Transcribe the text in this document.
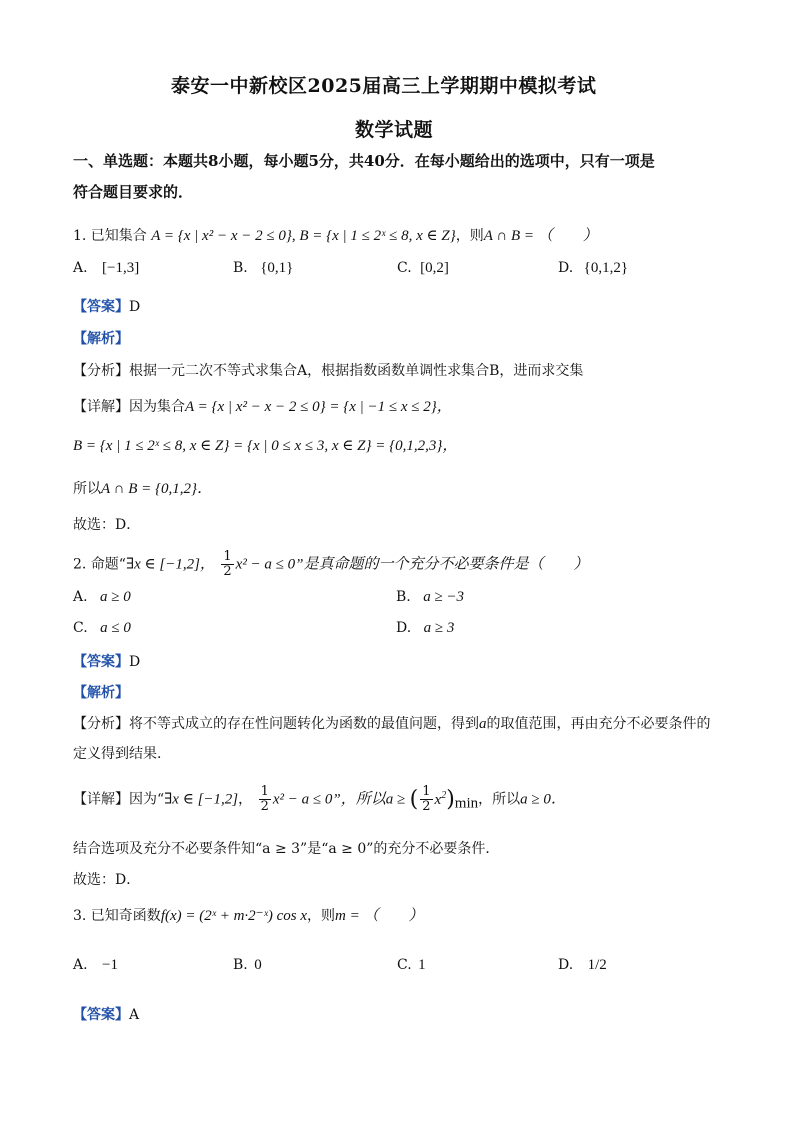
泰安一中新校区2025届高三上学期期中模拟考试
数学试题
一、单选题：本题共8小题，每小题5分，共40分．在每小题给出的选项中，只有一项是
符合题目要求的．
1. 已知集合 A = {x | x² − x − 2 ≤ 0}, B = {x | 1 ≤ 2ˣ ≤ 8, x ∈ Z}，则A ∩ B = （　　）
A. [−1,3]	B. {0,1}	C. [0,2]	D. {0,1,2}
【答案】D
【解析】
【分析】根据一元二次不等式求集合A，根据指数函数单调性求集合B，进而求交集
【详解】因为集合A = {x | x² − x − 2 ≤ 0} = {x | −1 ≤ x ≤ 2}，
B = {x | 1 ≤ 2ˣ ≤ 8, x ∈ Z} = {x | 0 ≤ x ≤ 3, x ∈ Z} = {0,1,2,3}，
所以A ∩ B = {0,1,2}．
故选：D．
2. 命题“∃x ∈ [−1,2]， $\frac{1}{2} x^2 - a \le 0$”是真命题的一个充分不必要条件是（　　）
A. a ≥ 0	B. a ≥ −3
C. a ≤ 0	D. a ≥ 3
【答案】D
【解析】
【分析】将不等式成立的存在性问题转化为函数的最值问题，得到a的取值范围，再由充分不必要条件的
定义得到结果.
【详解】因为“∃x ∈ [−1,2]， $\frac{1}{2} x^2 - a \le 0$”，所以a ≥ ( $\frac{1}{2} x^2)_{min}$，所以a ≥ 0．
结合选项及充分不必要条件知“a ≥ 3”是“a ≥ 0”的充分不必要条件．
故选：D．
3. 已知奇函数f(x) = (2ˣ + m·2⁻ˣ) cos x，则m = （　　）
A. −1	B. 0	C. 1	D. 1/2
【答案】A
